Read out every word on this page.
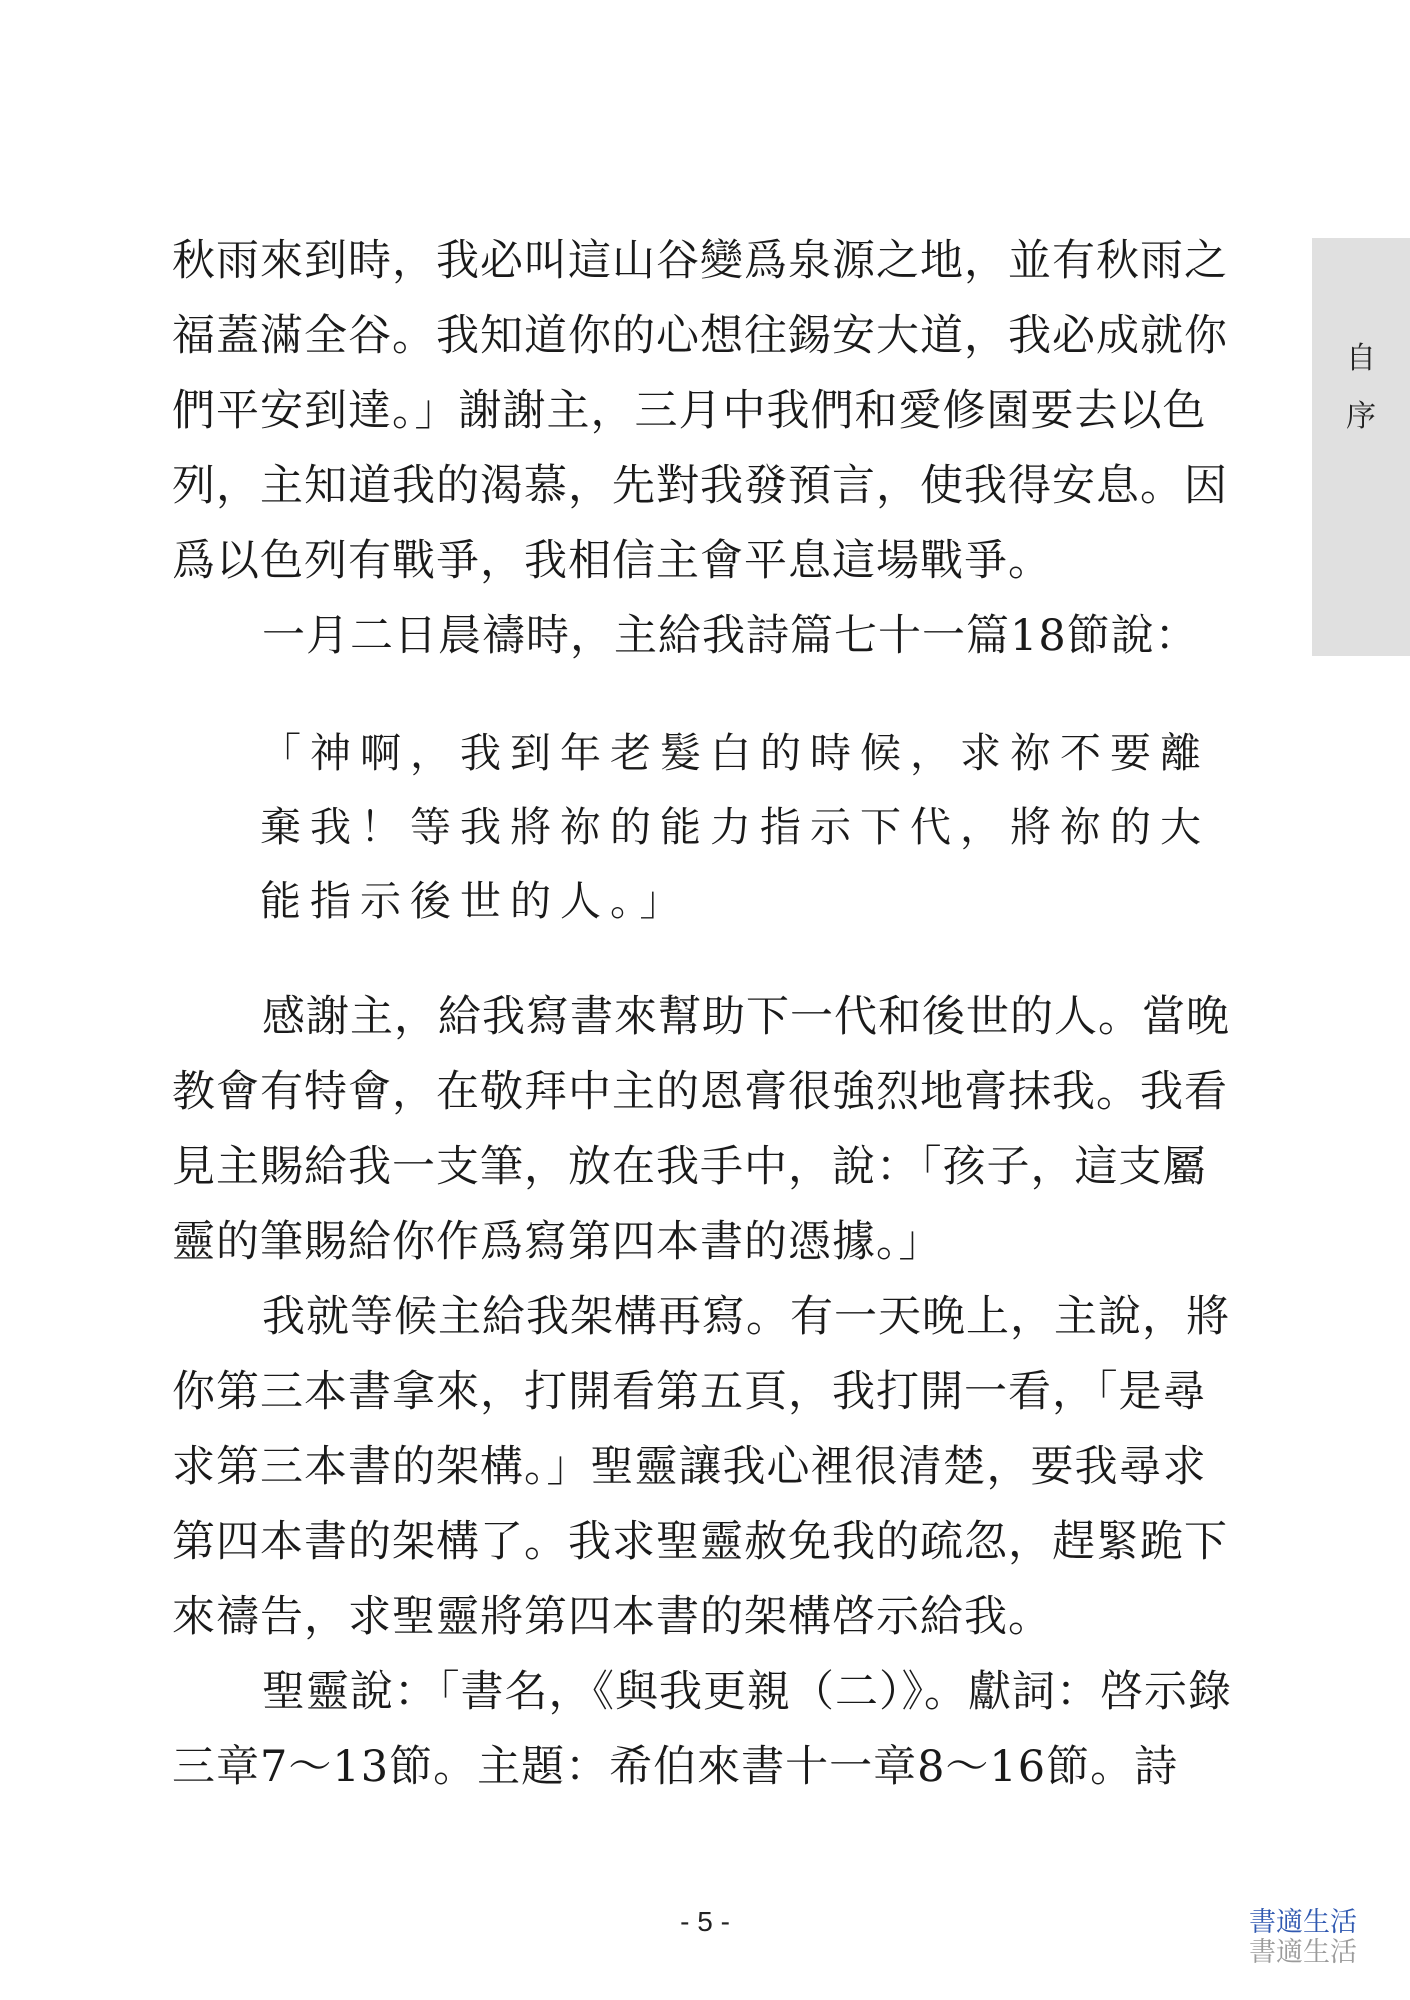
秋雨來到時，我必叫這山谷變爲泉源之地，並有秋雨之福蓋滿全谷。我知道你的心想往錫安大道，我必成就你們平安到達。」謝謝主，三月中我們和愛修園要去以色列，主知道我的渴慕，先對我發預言，使我得安息。因爲以色列有戰爭，我相信主會平息這場戰爭。

一月二日晨禱時，主給我詩篇七十一篇18節說：

「神啊，我到年老髮白的時候，求祢不要離
棄我！等我將祢的能力指示下代，將祢的大
能指示後世的人。」

感謝主，給我寫書來幫助下一代和後世的人。當晚教會有特會，在敬拜中主的恩膏很強烈地膏抹我。我看見主賜給我一支筆，放在我手中，說：「孩子，這支屬靈的筆賜給你作爲寫第四本書的憑據。」

我就等候主給我架構再寫。有一天晚上，主說，將你第三本書拿來，打開看第五頁，我打開一看，「是尋求第三本書的架構。」聖靈讓我心裡很清楚，要我尋求第四本書的架構了。我求聖靈赦免我的疏忽，趕緊跪下來禱告，求聖靈將第四本書的架構啓示給我。

聖靈說：「書名，《與我更親（二）》。獻詞：啓示錄三章7～13節。主題：希伯來書十一章8～16節。詩

自
序
- 5 -	書適生活
書適生活
